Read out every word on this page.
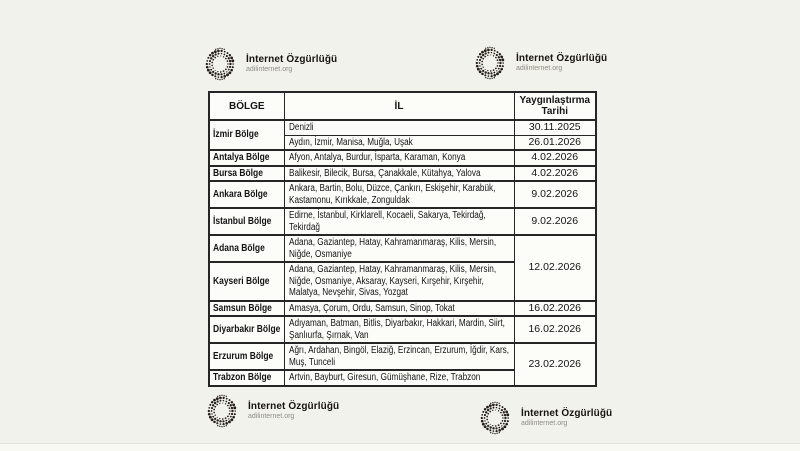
İnternet Özgürlüğü
adilinternet.org
İnternet Özgürlüğü
adilinternet.org
BÖLGE	İL	Yaygınlaştırma Tarihi

İzmir Bölge	Denizli	30.11.2025

	Aydın, İzmir, Manisa, Muğla, Uşak	26.01.2026

Antalya Bölge	Afyon, Antalya, Burdur, İsparta, Karaman, Konya	4.02.2026

Bursa Bölge	Balikesir, Bilecik, Bursa, Çanakkale, Kütahya, Yalova	4.02.2026

Ankara Bölge	Ankara, Bartin, Bolu, Düzce, Çankırı, Eskişehir, Karabük, Kastamonu, Kırıkkale, Zonguldak	9.02.2026

İstanbul Bölge	Edirne, İstanbul, Kirklarell, Kocaeli, Sakarya, Tekirdağ, Tekirdağ	9.02.2026

Adana Bölge	Adana, Gaziantep, Hatay, Kahramanmaraş, Kilis, Mersin, Niğde, Osmaniye	12.02.2026

Kayseri Bölge	Adana, Gaziantep, Hatay, Kahramanmaraş, Kilis, Mersin, Niğde, Osmaniye, Aksaray, Kayseri, Kırşehir, Kırşehir, Malatya, Nevşehir, Sivas, Yozgat	

Samsun Bölge	Amasya, Çorum, Ordu, Samsun, Sinop, Tokat	16.02.2026

Diyarbakır Bölge	Adıyaman, Batman, Bitlis, Diyarbakır, Hakkari, Mardin, Siirt, Şanlıurfa, Şırnak, Van	16.02.2026

Erzurum Bölge	Ağrı, Ardahan, Bingöl, Elaziğ, Erzincan, Erzurum, İğdir, Kars, Muş, Tunceli	23.02.2026

Trabzon Bölge	Artvin, Bayburt, Giresun, Gümüşhane, Rize, Trabzon	
İnternet Özgürlüğü
adilinternet.org	İnternet Özgürlüğü
adilinternet.org
